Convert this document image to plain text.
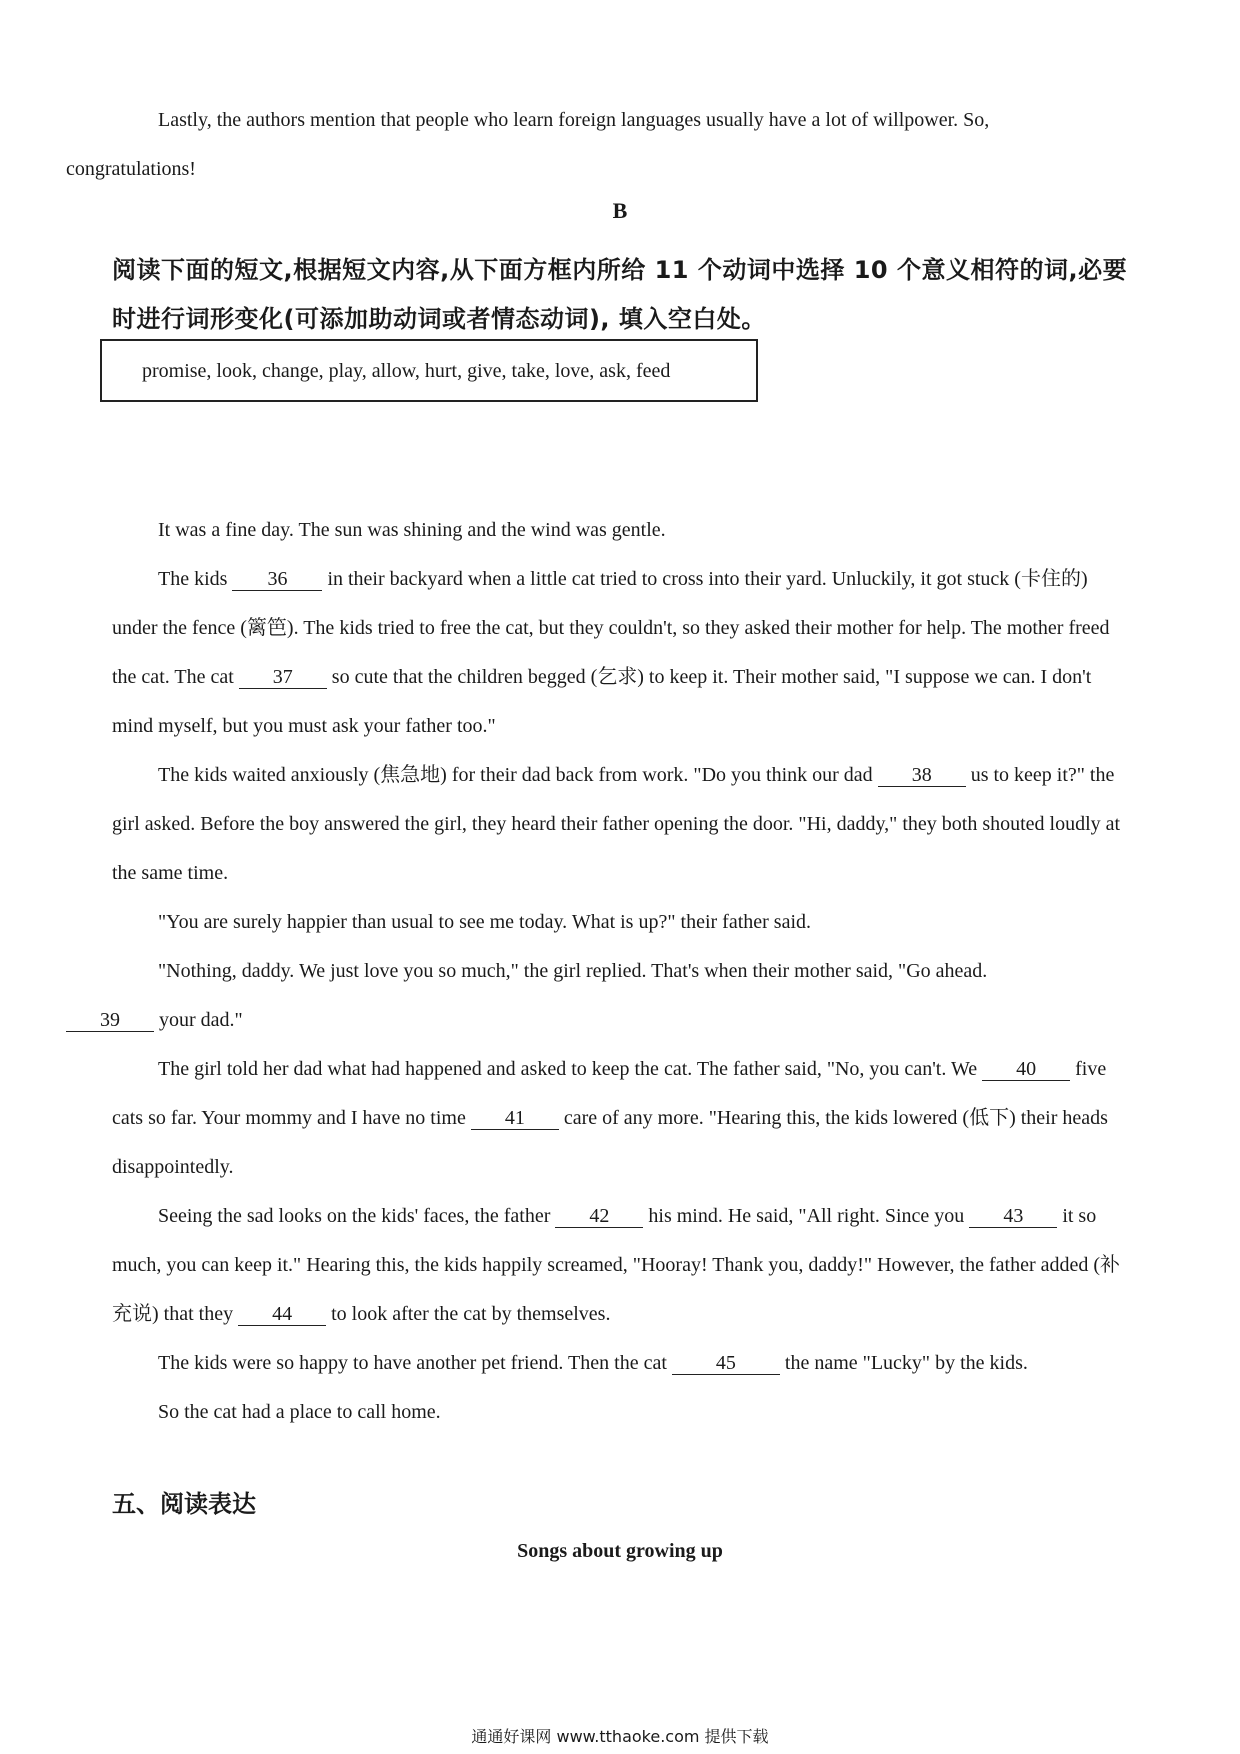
Lastly, the authors mention that people who learn foreign languages usually have a lot of willpower. So,
congratulations!
B
阅读下面的短文,根据短文内容,从下面方框内所给 11 个动词中选择 10 个意义相符的词,必要时进行词形变化(可添加助动词或者情态动词), 填入空白处。
promise, look, change, play, allow, hurt, give, take, love, ask, feed
It was a fine day. The sun was shining and the wind was gentle.
The kids 36 in their backyard when a little cat tried to cross into their yard. Unluckily, it got stuck (卡住的) under the fence (篱笆). The kids tried to free the cat, but they couldn't, so they asked their mother for help. The mother freed the cat. The cat 37 so cute that the children begged (乞求) to keep it. Their mother said, "I suppose we can. I don't mind myself, but you must ask your father too."
The kids waited anxiously (焦急地) for their dad back from work. "Do you think our dad 38 us to keep it?" the girl asked. Before the boy answered the girl, they heard their father opening the door. "Hi, daddy," they both shouted loudly at the same time.
"You are surely happier than usual to see me today. What is up?" their father said.
"Nothing, daddy. We just love you so much," the girl replied. That's when their mother said, "Go ahead.
39 your dad."
The girl told her dad what had happened and asked to keep the cat. The father said, "No, you can't. We 40 five cats so far. Your mommy and I have no time 41 care of any more. "Hearing this, the kids lowered (低下) their heads disappointedly.
Seeing the sad looks on the kids' faces, the father 42 his mind. He said, "All right. Since you 43 it so much, you can keep it." Hearing this, the kids happily screamed, "Hooray! Thank you, daddy!" However, the father added (补充说) that they 44 to look after the cat by themselves.
The kids were so happy to have another pet friend. Then the cat 45 the name "Lucky" by the kids.
So the cat had a place to call home.
五、阅读表达
Songs about growing up
通通好课网 www.tthaoke.com 提供下载
